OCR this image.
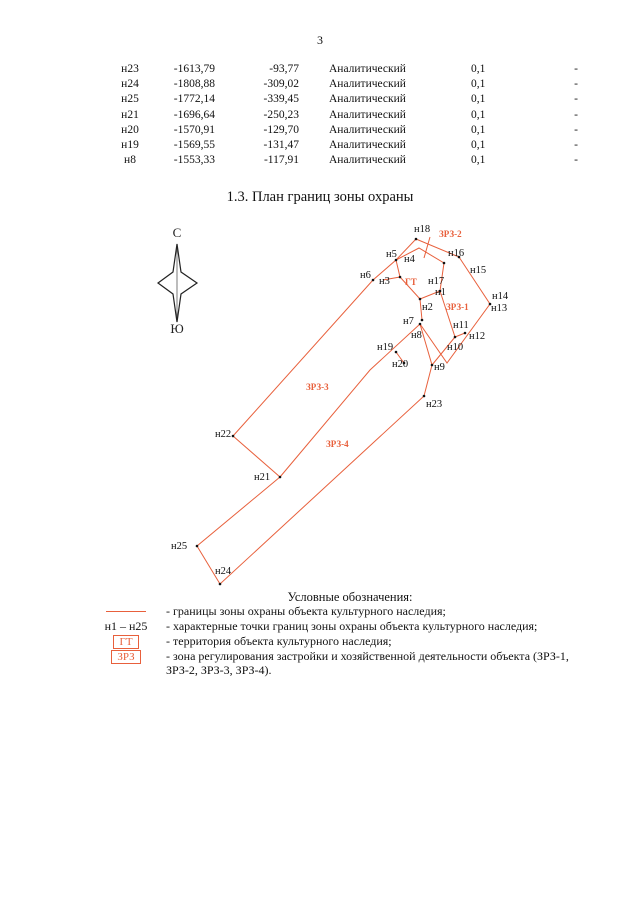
3
н23	-1613,79	-93,77	Аналитический	0,1	-
н24	-1808,88	-309,02	Аналитический	0,1	-
н25	-1772,14	-339,45	Аналитический	0,1	-
н21	-1696,64	-250,23	Аналитический	0,1	-
н20	-1570,91	-129,70	Аналитический	0,1	-
н19	-1569,55	-131,47	Аналитический	0,1	-
н8	-1553,33	-117,91	Аналитический	0,1	-
1.3. План границ зоны охраны
С
Ю
ЗРЗ-2
ГТ
ЗРЗ-1
ЗРЗ-3
ЗРЗ-4
н18
н5 н4
н16
н15
н6
н3	н17
н1	н14
н2	н13
н7	н11
н8	н12
н19	н10
н20 н9
н23
н22
н21
н25
н24
Условные обозначения:
- границы зоны охраны объекта культурного наследия;
н1 – н25	- характерные точки границ зоны охраны объекта культурного наследия;
ГТ	- территория объекта культурного наследия;
ЗРЗ	- зона регулирования застройки и хозяйственной деятельности объекта (ЗРЗ-1, ЗРЗ-2, ЗРЗ-3, ЗРЗ-4).
